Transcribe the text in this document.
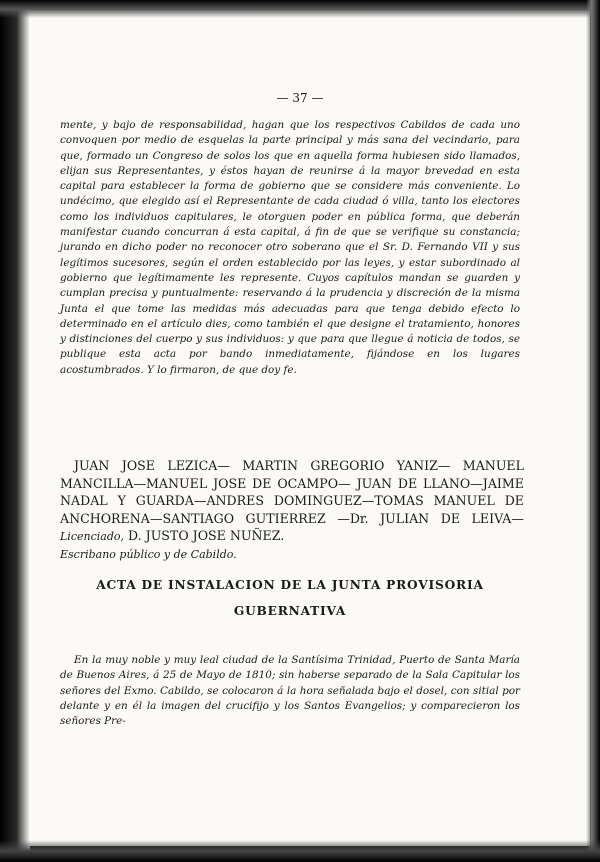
— 37 —

mente, y bajo de responsabilidad, hagan que los respectivos Cabildos de cada uno convoquen por medio de esquelas la parte principal y más sana del vecindario, para que, formado un Congreso de solos los que en aquella forma hubiesen sido llamados, elijan sus Representantes, y éstos hayan de reunirse á la mayor brevedad en esta capital para establecer la forma de gobierno que se considere más conveniente. Lo undécimo, que elegido así el Representante de cada ciudad ó villa, tanto los electores como los individuos capitulares, le otorguen poder en pública forma, que deberán manifestar cuando concurran á esta capital, á fin de que se verifique su constancia; jurando en dicho poder no reconocer otro soberano que el Sr. D. Fernando VII y sus legítimos sucesores, según el orden establecido por las leyes, y estar subordinado al gobierno que legítimamente les represente. Cuyos capítulos mandan se guarden y cumplan precisa y puntualmente: reservando á la prudencia y discreción de la misma Junta el que tome las medidas más adecuadas para que tenga debido efecto lo determinado en el artículo dies, como también el que designe el tratamiento, honores y distinciones del cuerpo y sus individuos: y que para que llegue á noticia de todos, se publique esta acta por bando inmediatamente, fijándose en los lugares acostumbrados. Y lo firmaron, de que doy fe.

JUAN JOSE LEZICA— MARTIN GREGORIO YANIZ— MANUEL MANCILLA—MANUEL JOSE DE OCAMPO— JUAN DE LLANO—JAIME NADAL Y GUARDA—ANDRES DOMINGUEZ—TOMAS MANUEL DE ANCHORENA—SANTIAGO GUTIERREZ —Dr. JULIAN DE LEIVA—Licenciado, D. JUSTO JOSE NUÑEZ.

Escribano público y de Cabildo.

ACTA DE INSTALACION DE LA JUNTA PROVISORIA
GUBERNATIVA

En la muy noble y muy leal ciudad de la Santísima Trinidad, Puerto de Santa María de Buenos Aires, á 25 de Mayo de 1810; sin haberse separado de la Sala Capitular los señores del Exmo. Cabildo, se colocaron á la hora señalada bajo el dosel, con sitial por delante y en él la imagen del crucifijo y los Santos Evangelios; y comparecieron los señores Pre-
